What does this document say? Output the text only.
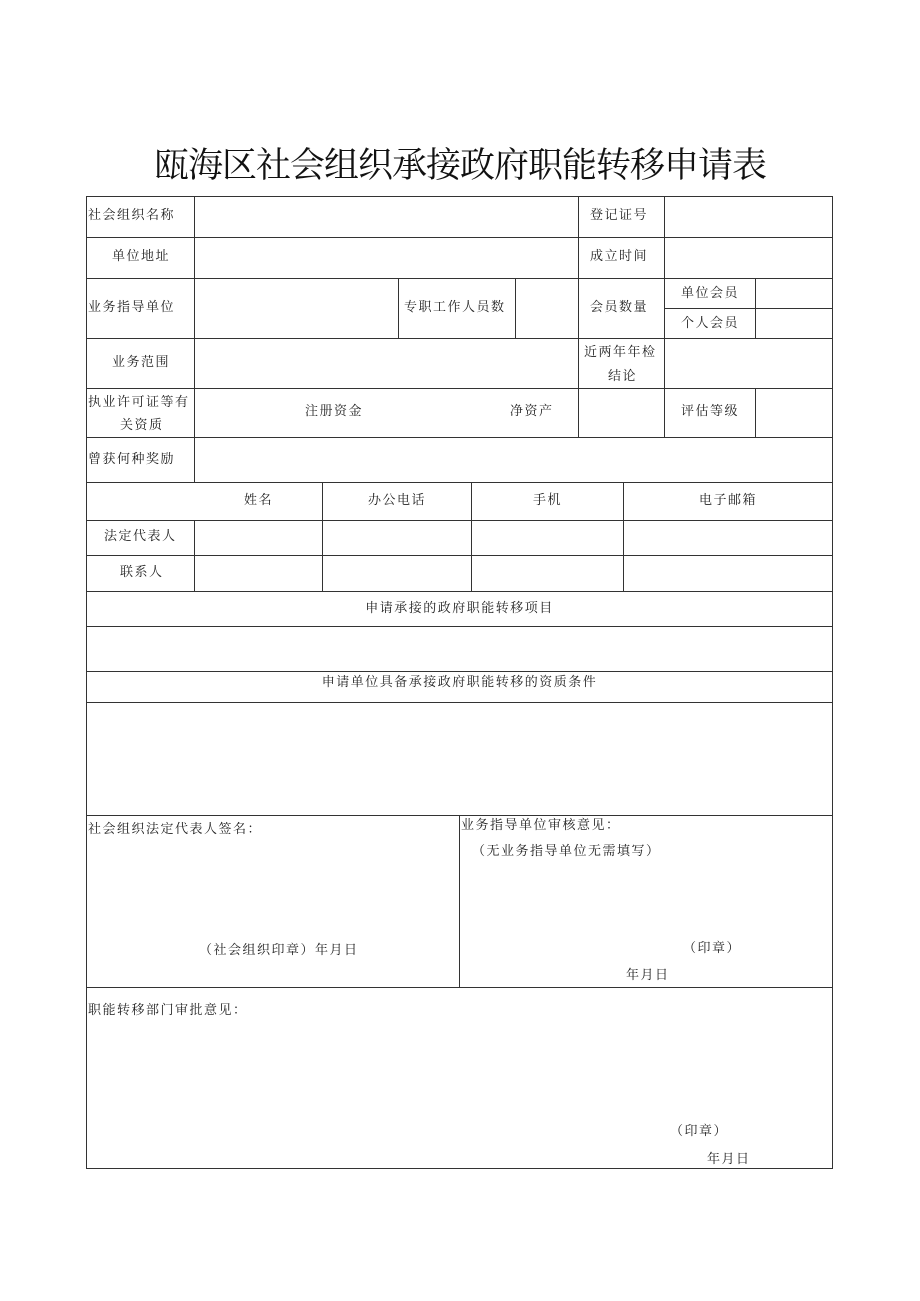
瓯海区社会组织承接政府职能转移申请表
社会组织名称	登记证号
单位地址	成立时间
业务指导单位	专职工作人员数	会员数量
单位会员
个人会员
业务范围
近两年年检
结论
执业许可证等有
关资质
注册资金	净资产	评估等级
曾获何种奖励
姓名	办公电话	手机	电子邮箱
法定代表人
联系人
申请承接的政府职能转移项目
申请单位具备承接政府职能转移的资质条件
社会组织法定代表人签名：
（社会组织印章）年月日
业务指导单位审核意见：
（无业务指导单位无需填写）
（印章）
年月日
职能转移部门审批意见：
（印章）
年月日
